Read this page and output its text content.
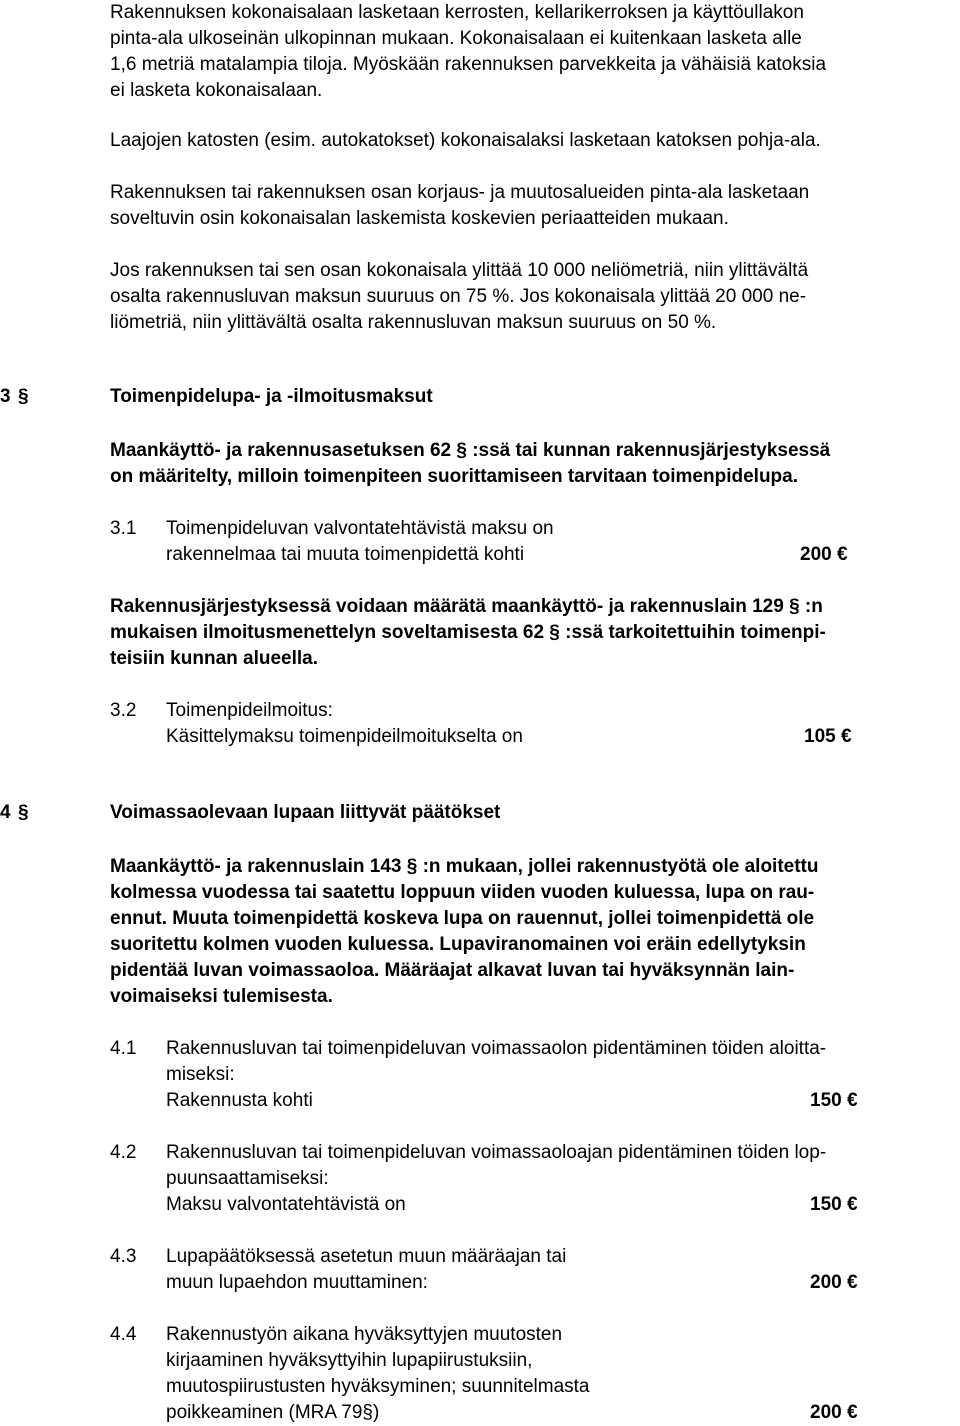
Rakennuksen kokonaisalaan lasketaan kerrosten, kellarikerroksen ja käyttöullakon
pinta-ala ulkoseinän ulkopinnan mukaan. Kokonaisalaan ei kuitenkaan lasketa alle
1,6 metriä matalampia tiloja. Myöskään rakennuksen parvekkeita ja vähäisiä katoksia
ei lasketa kokonaisalaan.
Laajojen katosten (esim. autokatokset) kokonaisalaksi lasketaan katoksen pohja-ala.
Rakennuksen tai rakennuksen osan korjaus- ja muutosalueiden pinta-ala lasketaan
soveltuvin osin kokonaisalan laskemista koskevien periaatteiden mukaan.
Jos rakennuksen tai sen osan kokonaisala ylittää 10 000 neliömetriä, niin ylittävältä
osalta rakennusluvan maksun suuruus on 75 %. Jos kokonaisala ylittää 20 000 ne-
liömetriä, niin ylittävältä osalta rakennusluvan maksun suuruus on 50 %.
3 §	Toimenpidelupa- ja -ilmoitusmaksut
Maankäyttö- ja rakennusasetuksen 62 § :ssä tai kunnan rakennusjärjestyksessä
on määritelty, milloin toimenpiteen suorittamiseen tarvitaan toimenpidelupa.
3.1 Toimenpideluvan valvontatehtävistä maksu on
rakennelmaa tai muuta toimenpidettä kohti	200 €
Rakennusjärjestyksessä voidaan määrätä maankäyttö- ja rakennuslain 129 § :n
mukaisen ilmoitusmenettelyn soveltamisesta 62 § :ssä tarkoitettuihin toimenpi-
teisiin kunnan alueella.
3.2 Toimenpideilmoitus:
Käsittelymaksu toimenpideilmoitukselta on	105 €
4 §	Voimassaolevaan lupaan liittyvät päätökset
Maankäyttö- ja rakennuslain 143 § :n mukaan, jollei rakennustyötä ole aloitettu
kolmessa vuodessa tai saatettu loppuun viiden vuoden kuluessa, lupa on rau-
ennut. Muuta toimenpidettä koskeva lupa on rauennut, jollei toimenpidettä ole
suoritettu kolmen vuoden kuluessa. Lupaviranomainen voi eräin edellytyksin
pidentää luvan voimassaoloa. Määräajat alkavat luvan tai hyväksynnän lain-
voimaiseksi tulemisesta.
4.1 Rakennusluvan tai toimenpideluvan voimassaolon pidentäminen töiden aloitta-
miseksi:
Rakennusta kohti	150 €
4.2 Rakennusluvan tai toimenpideluvan voimassaoloajan pidentäminen töiden lop-
puunsaattamiseksi:
Maksu valvontatehtävistä on	150 €
4.3 Lupapäätöksessä asetetun muun määräajan tai
muun lupaehdon muuttaminen:	200 €
4.4 Rakennustyön aikana hyväksyttyjen muutosten
kirjaaminen hyväksyttyihin lupapiirustuksiin,
muutospiirustusten hyväksyminen; suunnitelmasta
poikkeaminen (MRA 79§)	200 €
